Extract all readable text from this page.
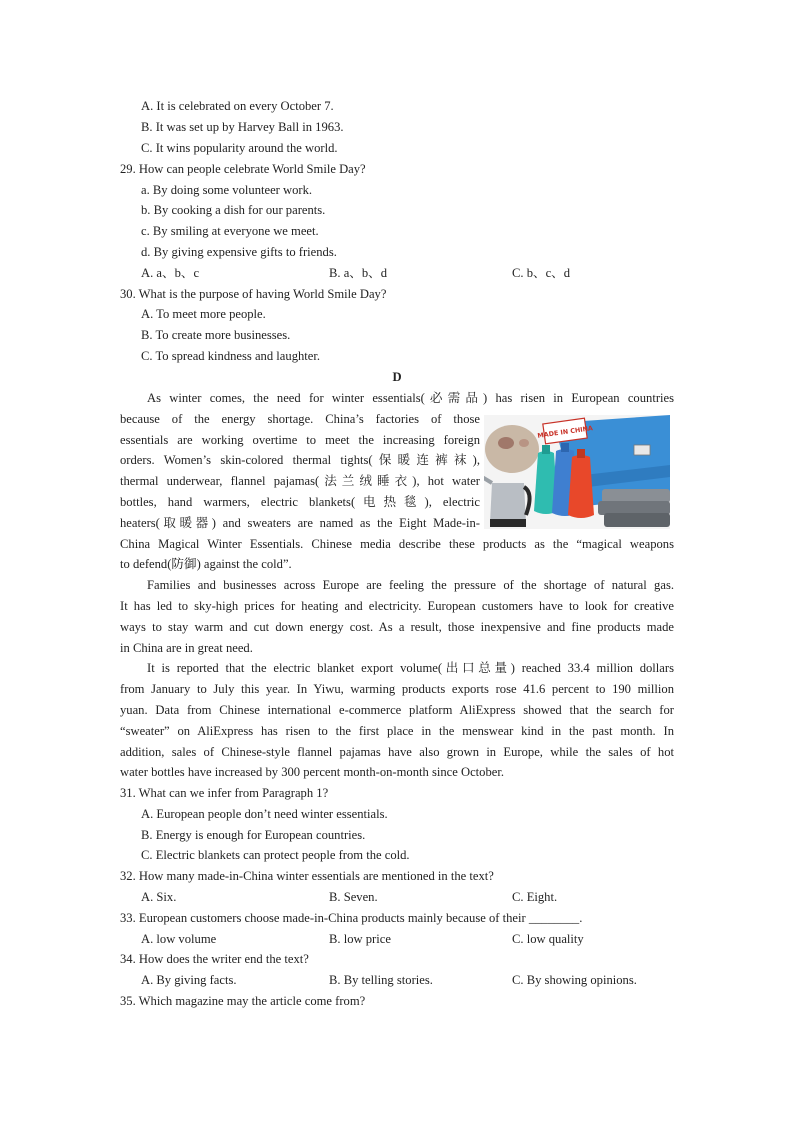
A. It is celebrated on every October 7.
B. It was set up by Harvey Ball in 1963.
C. It wins popularity around the world.
29. How can people celebrate World Smile Day?
a. By doing some volunteer work.
b. By cooking a dish for our parents.
c. By smiling at everyone we meet.
d. By giving expensive gifts to friends.
A. a、b、c	B. a、b、d	C. b、c、d
30. What is the purpose of having World Smile Day?
A. To meet more people.
B. To create more businesses.
C. To spread kindness and laughter.
D
As winter comes, the need for winter essentials(必需品) has risen in European countries
because of the energy shortage. China’s factories of those
essentials are working overtime to meet the increasing foreign
orders. Women’s skin-colored thermal tights(保暖连裤袜),
thermal underwear, flannel pajamas(法兰绒睡衣), hot water
bottles, hand warmers, electric blankets(电热毯), electric
heaters(取暖器) and sweaters are named as the Eight Made-in-
China Magical Winter Essentials. Chinese media describe these products as the “magical weapons
to defend(防御) against the cold”.
MADE IN CHINA
Families and businesses across Europe are feeling the pressure of the shortage of natural gas.
It has led to sky-high prices for heating and electricity. European customers have to look for creative
ways to stay warm and cut down energy cost. As a result, those inexpensive and fine products made
in China are in great need.
It is reported that the electric blanket export volume(出口总量) reached 33.4 million dollars
from January to July this year. In Yiwu, warming products exports rose 41.6 percent to 190 million
yuan. Data from Chinese international e-commerce platform AliExpress showed that the search for
“sweater” on AliExpress has risen to the first place in the menswear kind in the past month. In
addition, sales of Chinese-style flannel pajamas have also grown in Europe, while the sales of hot
water bottles have increased by 300 percent month-on-month since October.
31. What can we infer from Paragraph 1?
A. European people don’t need winter essentials.
B. Energy is enough for European countries.
C. Electric blankets can protect people from the cold.
32. How many made-in-China winter essentials are mentioned in the text?
A. Six.	B. Seven.	C. Eight.
33. European customers choose made-in-China products mainly because of their ________.
A. low volume	B. low price	C. low quality
34. How does the writer end the text?
A. By giving facts.	B. By telling stories.	C. By showing opinions.
35. Which magazine may the article come from?
